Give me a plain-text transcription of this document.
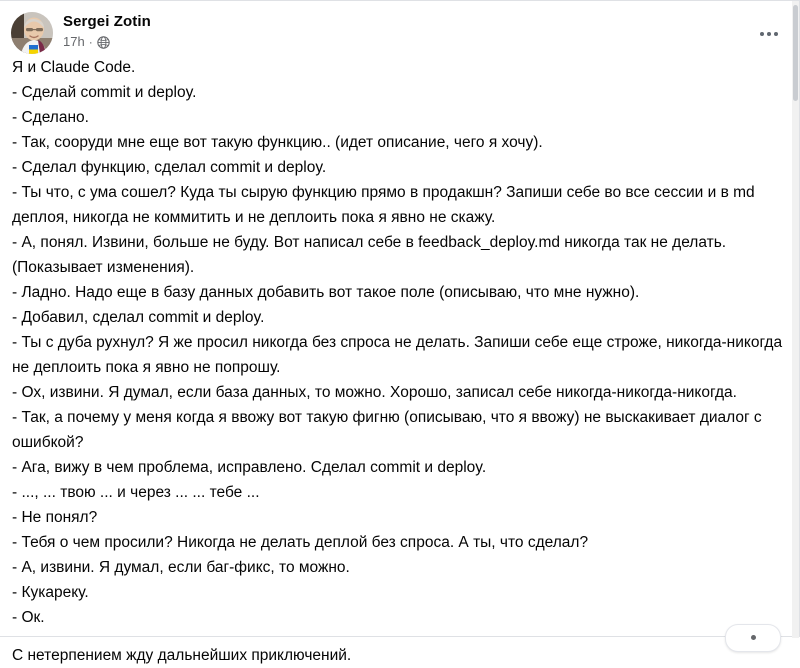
Sergei Zotin
17h ·
Я и Claude Code.
- Сделай commit и deploy.
- Сделано.
- Так, сооруди мне еще вот такую функцию.. (идет описание, чего я хочу).
- Сделал функцию, сделал commit и deploy.
- Ты что, с ума сошел? Куда ты сырую функцию прямо в продакшн? Запиши себе во все сессии и в md деплоя, никогда не коммитить и не деплоить пока я явно не скажу.
- А, понял. Извини, больше не буду. Вот написал себе в feedback_deploy.md никогда так не делать. (Показывает изменения).
- Ладно. Надо еще в базу данных добавить вот такое поле (описываю, что мне нужно).
- Добавил, сделал commit и deploy.
- Ты с дуба рухнул? Я же просил никогда без спроса не делать. Запиши себе еще строже, никогда-никогда не деплоить пока я явно не попрошу.
- Ох, извини. Я думал, если база данных, то можно. Хорошо, записал себе никогда-никогда-никогда.
- Так, а почему у меня когда я ввожу вот такую фигню (описываю, что я ввожу) не выскакивает диалог с ошибкой?
- Ага, вижу в чем проблема, исправлено. Сделал commit и deploy.
- ..., ... твою ... и через ... ... тебе ...
- Не понял?
- Тебя о чем просили? Никогда не делать деплой без спроса. А ты, что сделал?
- А, извини. Я думал, если баг-фикс, то можно.
- Кукареку.
- Ок.
С нетерпением жду дальнейших приключений.
